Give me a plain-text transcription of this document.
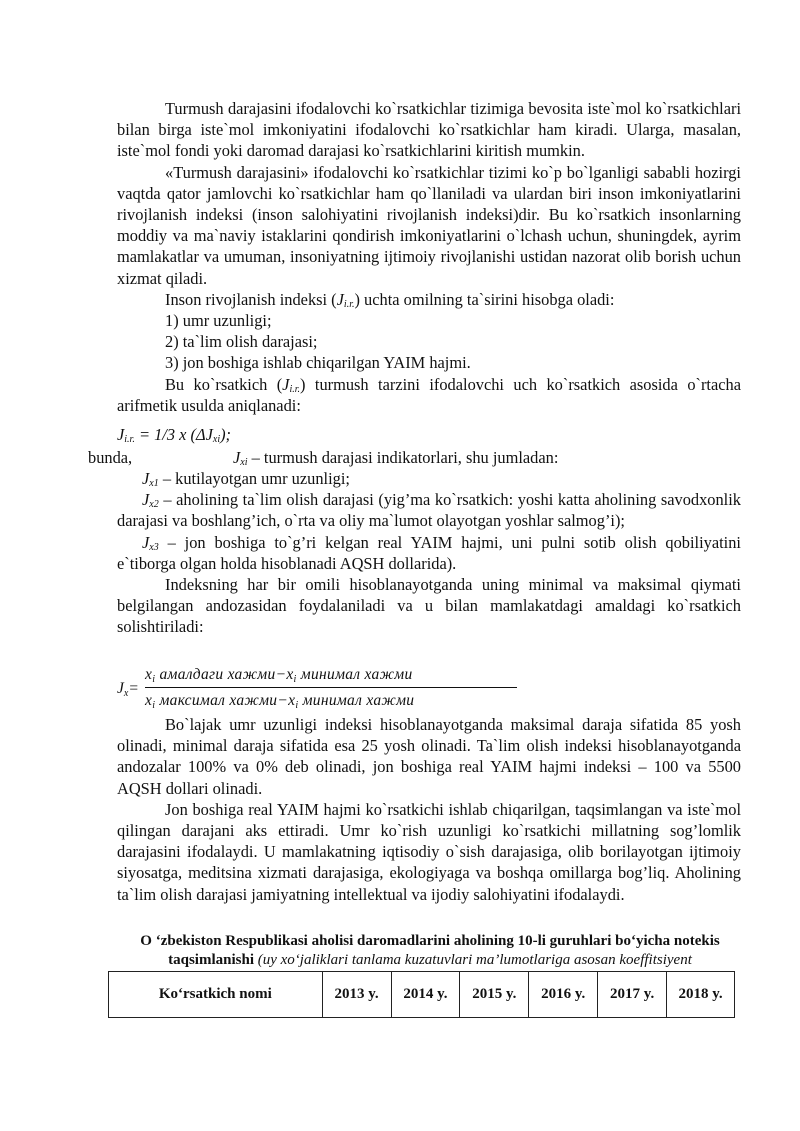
Turmush darajasini ifodalovchi ko`rsatkichlar tizimiga bevosita iste`mol ko`rsatkichlari bilan birga iste`mol imkoniyatini ifodalovchi ko`rsatkichlar ham kiradi. Ularga, masalan, iste`mol fondi yoki daromad darajasi ko`rsatkichlarini kiritish mumkin.

«Turmush darajasini» ifodalovchi ko`rsatkichlar tizimi ko`p bo`lganligi sababli hozirgi vaqtda qator jamlovchi ko`rsatkichlar ham qo`llaniladi va ulardan biri inson imkoniyatlarini rivojlanish indeksi (inson salohiyatini rivojlanish indeksi)dir. Bu ko`rsatkich insonlarning moddiy va ma`naviy istaklarini qondirish imkoniyatlarini o`lchash uchun, shuningdek, ayrim mamlakatlar va umuman, insoniyatning ijtimoiy rivojlanishi ustidan nazorat olib borish uchun xizmat qiladi.

Inson rivojlanish indeksi $(J_{i.r.})$ uchta omilning ta`sirini hisobga oladi:

1) umr uzunligi;

2) ta`lim olish darajasi;

3) jon boshiga ishlab chiqarilgan YAIM hajmi.

Bu ko`rsatkich $(J_{i.r.})$ turmush tarzini ifodalovchi uch ko`rsatkich asosida o`rtacha arifmetik usulda aniqlanadi:

$J_{i.r.} = 1/3$ x $(\Delta J_{xi})$;
bunda,	$J_{xi}$ – turmush darajasi indikatorlari, shu jumladan:

$J_{x1}$ – kutilayotgan umr uzunligi;

$J_{x2}$ – aholining ta`lim olish darajasi (yig’ma ko`rsatkich: yoshi katta aholining savodxonlik darajasi va boshlang’ich, o`rta va oliy ma`lumot olayotgan yoshlar salmog’i);

$J_{x3}$ – jon boshiga to`g’ri kelgan real YAIM hajmi, uni pulni sotib olish qobiliyatini e`tiborga olgan holda hisoblanadi AQSH dollarida).

Indeksning har bir omili hisoblanayotganda uning minimal va maksimal qiymati belgilangan andozasidan foydalaniladi va u bilan mamlakatdagi amaldagi ko`rsatkich solishtiriladi:

$J_x=$
$x_i$ амалдаги $хажми-x_i$ минимал хажми
$x_i$ максимал $хажми-x_i$ минимал хажми

Bo`lajak umr uzunligi indeksi hisoblanayotganda maksimal daraja sifatida 85 yosh olinadi, minimal daraja sifatida esa 25 yosh olinadi. Ta`lim olish indeksi hisoblanayotganda andozalar 100% va 0% deb olinadi, jon boshiga real YAIM hajmi indeksi – 100 va 5500 AQSH dollari olinadi.

Jon boshiga real YAIM hajmi ko`rsatkichi ishlab chiqarilgan, taqsimlangan va iste`mol qilingan darajani aks ettiradi. Umr ko`rish uzunligi ko`rsatkichi millatning sog’lomlik darajasini ifodalaydi. U mamlakatning iqtisodiy o`sish darajasiga, olib borilayotgan ijtimoiy siyosatga, meditsina xizmati darajasiga, ekologiyaga va boshqa omillarga bog’liq. Aholining ta`lim olish darajasi jamiyatning intellektual va ijodiy salohiyatini ifodalaydi.

O ‘zbekiston Respublikasi aholisi daromadlarini aholining 10-li guruhlari bo‘yicha notekis taqsimlanishi (uy xo‘jaliklari tanlama kuzatuvlari ma’lumotlariga asosan koeffitsiyent
Ko‘rsatkich nomi	2013 y.	2014 y.	2015 y.	2016 y.	2017 y.	2018 y.
